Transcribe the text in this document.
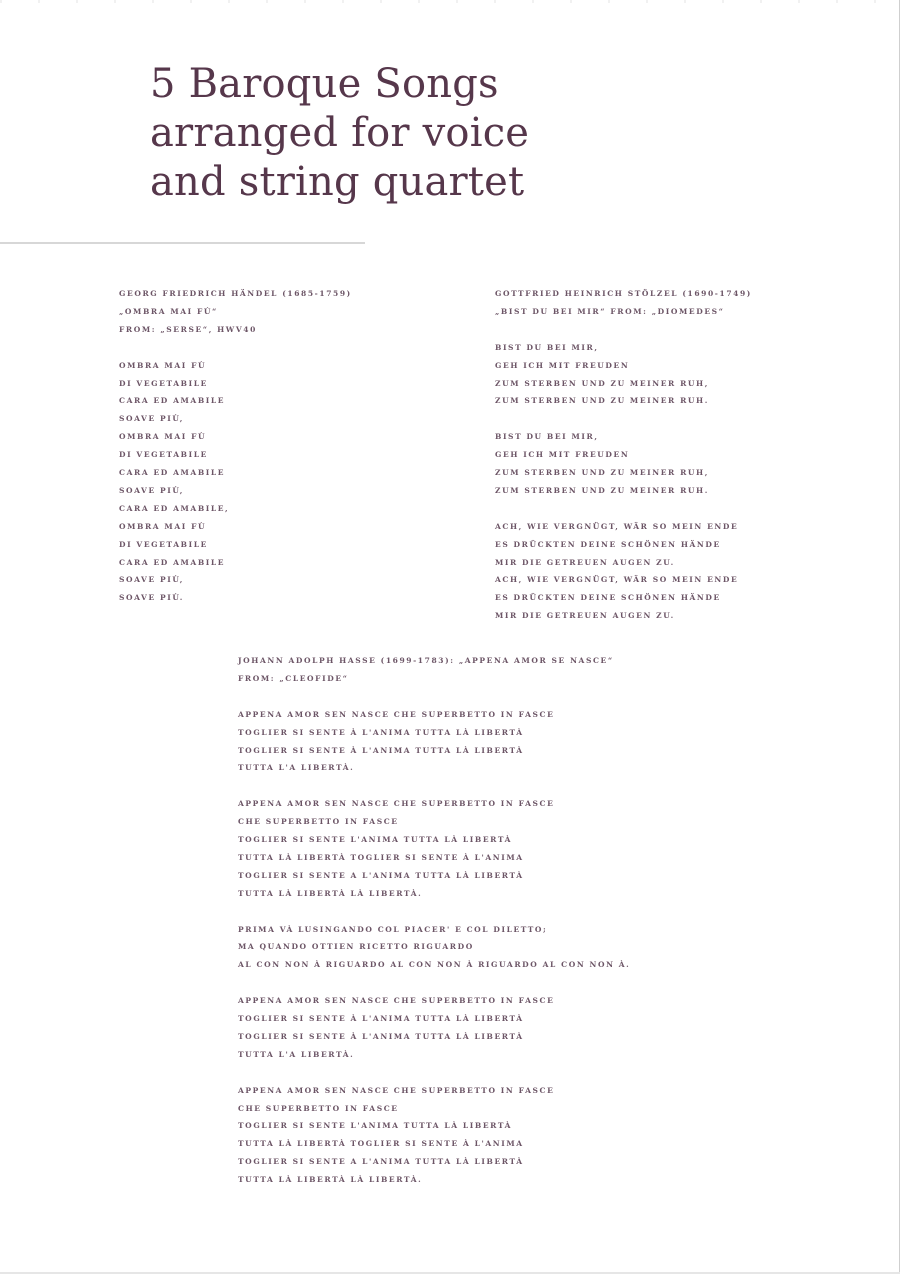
5 Baroque Songs
arranged for voice
and string quartet
GEORG FRIEDRICH HÄNDEL (1685-1759)
„OMBRA MAI FÚ“
FROM: „SERSE“, HWV40
OMBRA MAI FÙ
DI VEGETABILE
CARA ED AMABILE
SOAVE PIÙ,
OMBRA MAI FÙ
DI VEGETABILE
CARA ED AMABILE
SOAVE PIÙ,
CARA ED AMABILE,
OMBRA MAI FÙ
DI VEGETABILE
CARA ED AMABILE
SOAVE PIÙ,
SOAVE PIÙ.
GOTTFRIED HEINRICH STÖLZEL (1690-1749)
„BIST DU BEI MIR“ FROM: „DIOMEDES“
BIST DU BEI MIR,
GEH ICH MIT FREUDEN
ZUM STERBEN UND ZU MEINER RUH,
ZUM STERBEN UND ZU MEINER RUH.
BIST DU BEI MIR,
GEH ICH MIT FREUDEN
ZUM STERBEN UND ZU MEINER RUH,
ZUM STERBEN UND ZU MEINER RUH.
ACH, WIE VERGNÜGT, WÄR SO MEIN ENDE
ES DRÜCKTEN DEINE SCHÖNEN HÄNDE
MIR DIE GETREUEN AUGEN ZU.
ACH, WIE VERGNÜGT, WÄR SO MEIN ENDE
ES DRÜCKTEN DEINE SCHÖNEN HÄNDE
MIR DIE GETREUEN AUGEN ZU.
JOHANN ADOLPH HASSE (1699-1783): „APPENA AMOR SE NASCE“
FROM: „CLEOFIDE“
APPENA AMOR SEN NASCE CHE SUPERBETTO IN FASCE
TOGLIER SI SENTE À L'ANIMA TUTTA LÀ LIBERTÀ
TOGLIER SI SENTE À L'ANIMA TUTTA LÀ LIBERTÀ
TUTTA L'A LIBERTÀ.
APPENA AMOR SEN NASCE CHE SUPERBETTO IN FASCE
CHE SUPERBETTO IN FASCE
TOGLIER SI SENTE L'ANIMA TUTTA LÀ LIBERTÀ
TUTTA LÀ LIBERTÀ TOGLIER SI SENTE À L'ANIMA
TOGLIER SI SENTE A L'ANIMA TUTTA LÀ LIBERTÀ
TUTTA LÀ LIBERTÀ LÀ LIBERTÀ.
PRIMA VÀ LUSINGANDO COL PIACER' E COL DILETTO;
MA QUANDO OTTIEN RICETTO RIGUARDO
AL CON NON À RIGUARDO AL CON NON À RIGUARDO AL CON NON À.
APPENA AMOR SEN NASCE CHE SUPERBETTO IN FASCE
TOGLIER SI SENTE À L'ANIMA TUTTA LÀ LIBERTÀ
TOGLIER SI SENTE À L'ANIMA TUTTA LÀ LIBERTÀ
TUTTA L'A LIBERTÀ.
APPENA AMOR SEN NASCE CHE SUPERBETTO IN FASCE
CHE SUPERBETTO IN FASCE
TOGLIER SI SENTE L'ANIMA TUTTA LÀ LIBERTÀ
TUTTA LÀ LIBERTÀ TOGLIER SI SENTE À L'ANIMA
TOGLIER SI SENTE A L'ANIMA TUTTA LÀ LIBERTÀ
TUTTA LÀ LIBERTÀ LÀ LIBERTÀ.
